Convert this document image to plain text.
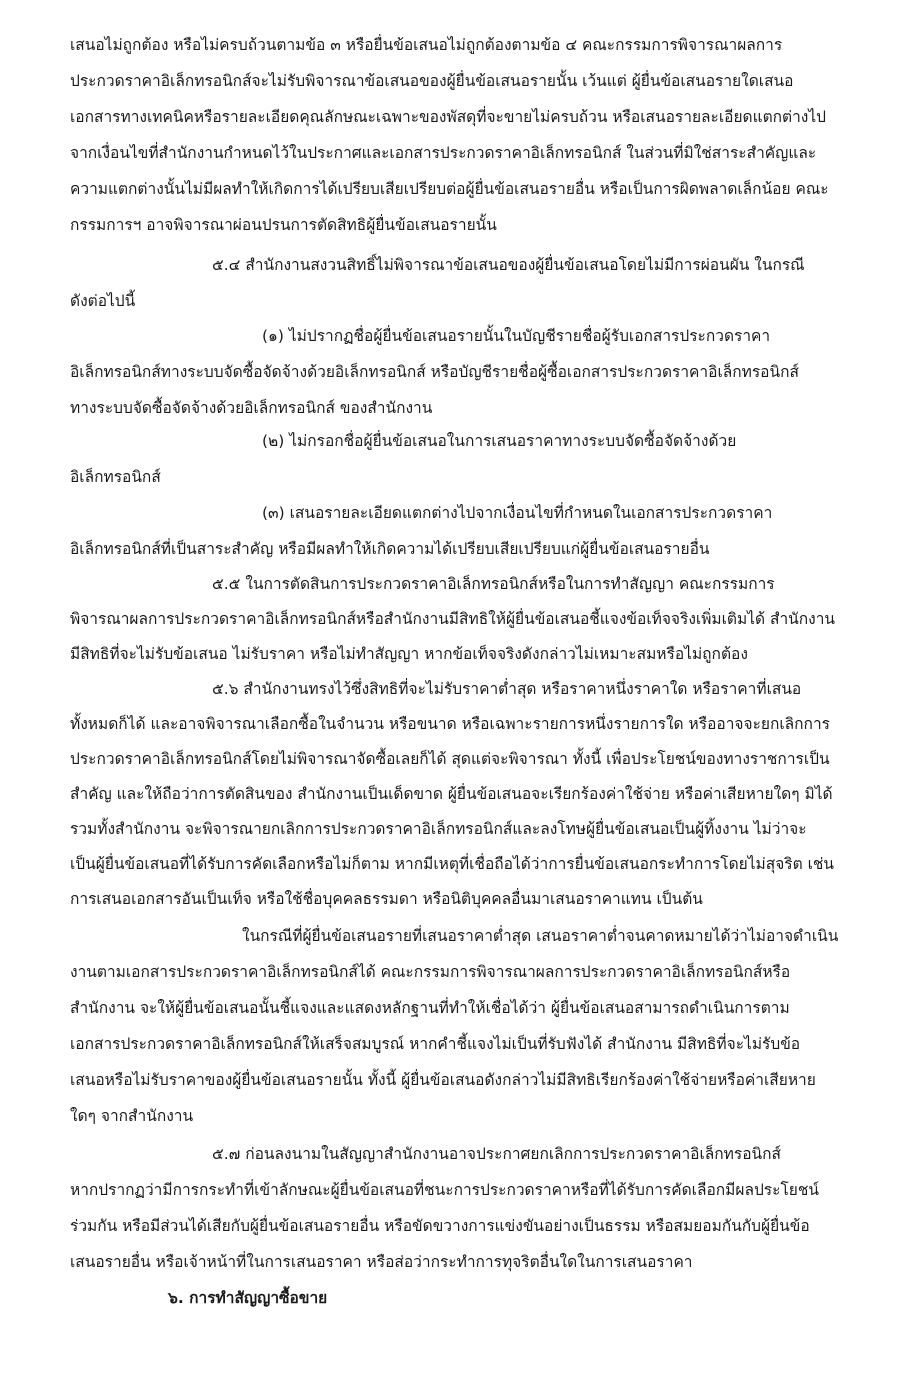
เสนอไม่ถูกต้อง หรือไม่ครบถ้วนตามข้อ ๓ หรือยื่นข้อเสนอไม่ถูกต้องตามข้อ ๔ คณะกรรมการพิจารณาผลการ
ประกวดราคาอิเล็กทรอนิกส์จะไม่รับพิจารณาข้อเสนอของผู้ยื่นข้อเสนอรายนั้น เว้นแต่ ผู้ยื่นข้อเสนอรายใดเสนอ
เอกสารทางเทคนิคหรือรายละเอียดคุณลักษณะเฉพาะของพัสดุที่จะขายไม่ครบถ้วน หรือเสนอรายละเอียดแตกต่างไป
จากเงื่อนไขที่สำนักงานกำหนดไว้ในประกาศและเอกสารประกวดราคาอิเล็กทรอนิกส์ ในส่วนที่มิใช่สาระสำคัญและ
ความแตกต่างนั้นไม่มีผลทำให้เกิดการได้เปรียบเสียเปรียบต่อผู้ยื่นข้อเสนอรายอื่น หรือเป็นการผิดพลาดเล็กน้อย คณะ
กรรมการฯ อาจพิจารณาผ่อนปรนการตัดสิทธิผู้ยื่นข้อเสนอรายนั้น
๕.๔ สำนักงานสงวนสิทธิ์ไม่พิจารณาข้อเสนอของผู้ยื่นข้อเสนอโดยไม่มีการผ่อนผัน ในกรณี
ดังต่อไปนี้
(๑) ไม่ปรากฏชื่อผู้ยื่นข้อเสนอรายนั้นในบัญชีรายชื่อผู้รับเอกสารประกวดราคา
อิเล็กทรอนิกส์ทางระบบจัดซื้อจัดจ้างด้วยอิเล็กทรอนิกส์ หรือบัญชีรายชื่อผู้ซื้อเอกสารประกวดราคาอิเล็กทรอนิกส์
ทางระบบจัดซื้อจัดจ้างด้วยอิเล็กทรอนิกส์ ของสำนักงาน
(๒) ไม่กรอกชื่อผู้ยื่นข้อเสนอในการเสนอราคาทางระบบจัดซื้อจัดจ้างด้วย
อิเล็กทรอนิกส์
(๓) เสนอรายละเอียดแตกต่างไปจากเงื่อนไขที่กำหนดในเอกสารประกวดราคา
อิเล็กทรอนิกส์ที่เป็นสาระสำคัญ หรือมีผลทำให้เกิดความได้เปรียบเสียเปรียบแก่ผู้ยื่นข้อเสนอรายอื่น
๕.๕ ในการตัดสินการประกวดราคาอิเล็กทรอนิกส์หรือในการทำสัญญา คณะกรรมการ
พิจารณาผลการประกวดราคาอิเล็กทรอนิกส์หรือสำนักงานมีสิทธิให้ผู้ยื่นข้อเสนอชี้แจงข้อเท็จจริงเพิ่มเติมได้ สำนักงาน
มีสิทธิที่จะไม่รับข้อเสนอ ไม่รับราคา หรือไม่ทำสัญญา หากข้อเท็จจริงดังกล่าวไม่เหมาะสมหรือไม่ถูกต้อง
๕.๖ สำนักงานทรงไว้ซึ่งสิทธิที่จะไม่รับราคาต่ำสุด หรือราคาหนึ่งราคาใด หรือราคาที่เสนอ
ทั้งหมดก็ได้ และอาจพิจารณาเลือกซื้อในจำนวน หรือขนาด หรือเฉพาะรายการหนึ่งรายการใด หรืออาจจะยกเลิกการ
ประกวดราคาอิเล็กทรอนิกส์โดยไม่พิจารณาจัดซื้อเลยก็ได้ สุดแต่จะพิจารณา ทั้งนี้ เพื่อประโยชน์ของทางราชการเป็น
สำคัญ และให้ถือว่าการตัดสินของ สำนักงานเป็นเด็ดขาด ผู้ยื่นข้อเสนอจะเรียกร้องค่าใช้จ่าย หรือค่าเสียหายใดๆ มิได้
รวมทั้งสำนักงาน จะพิจารณายกเลิกการประกวดราคาอิเล็กทรอนิกส์และลงโทษผู้ยื่นข้อเสนอเป็นผู้ทิ้งงาน ไม่ว่าจะ
เป็นผู้ยื่นข้อเสนอที่ได้รับการคัดเลือกหรือไม่ก็ตาม หากมีเหตุที่เชื่อถือได้ว่าการยื่นข้อเสนอกระทำการโดยไม่สุจริต เช่น
การเสนอเอกสารอันเป็นเท็จ หรือใช้ชื่อบุคคลธรรมดา หรือนิติบุคคลอื่นมาเสนอราคาแทน เป็นต้น
ในกรณีที่ผู้ยื่นข้อเสนอรายที่เสนอราคาต่ำสุด เสนอราคาต่ำจนคาดหมายได้ว่าไม่อาจดำเนิน
งานตามเอกสารประกวดราคาอิเล็กทรอนิกส์ได้ คณะกรรมการพิจารณาผลการประกวดราคาอิเล็กทรอนิกส์หรือ
สำนักงาน จะให้ผู้ยื่นข้อเสนอนั้นชี้แจงและแสดงหลักฐานที่ทำให้เชื่อได้ว่า ผู้ยื่นข้อเสนอสามารถดำเนินการตาม
เอกสารประกวดราคาอิเล็กทรอนิกส์ให้เสร็จสมบูรณ์ หากคำชี้แจงไม่เป็นที่รับฟังได้ สำนักงาน มีสิทธิที่จะไม่รับข้อ
เสนอหรือไม่รับราคาของผู้ยื่นข้อเสนอรายนั้น ทั้งนี้ ผู้ยื่นข้อเสนอดังกล่าวไม่มีสิทธิเรียกร้องค่าใช้จ่ายหรือค่าเสียหาย
ใดๆ จากสำนักงาน
๕.๗ ก่อนลงนามในสัญญาสำนักงานอาจประกาศยกเลิกการประกวดราคาอิเล็กทรอนิกส์
หากปรากฏว่ามีการกระทำที่เข้าลักษณะผู้ยื่นข้อเสนอที่ชนะการประกวดราคาหรือที่ได้รับการคัดเลือกมีผลประโยชน์
ร่วมกัน หรือมีส่วนได้เสียกับผู้ยื่นข้อเสนอรายอื่น หรือขัดขวางการแข่งขันอย่างเป็นธรรม หรือสมยอมกันกับผู้ยื่นข้อ
เสนอรายอื่น หรือเจ้าหน้าที่ในการเสนอราคา หรือส่อว่ากระทำการทุจริตอื่นใดในการเสนอราคา
๖. การทำสัญญาซื้อขาย
